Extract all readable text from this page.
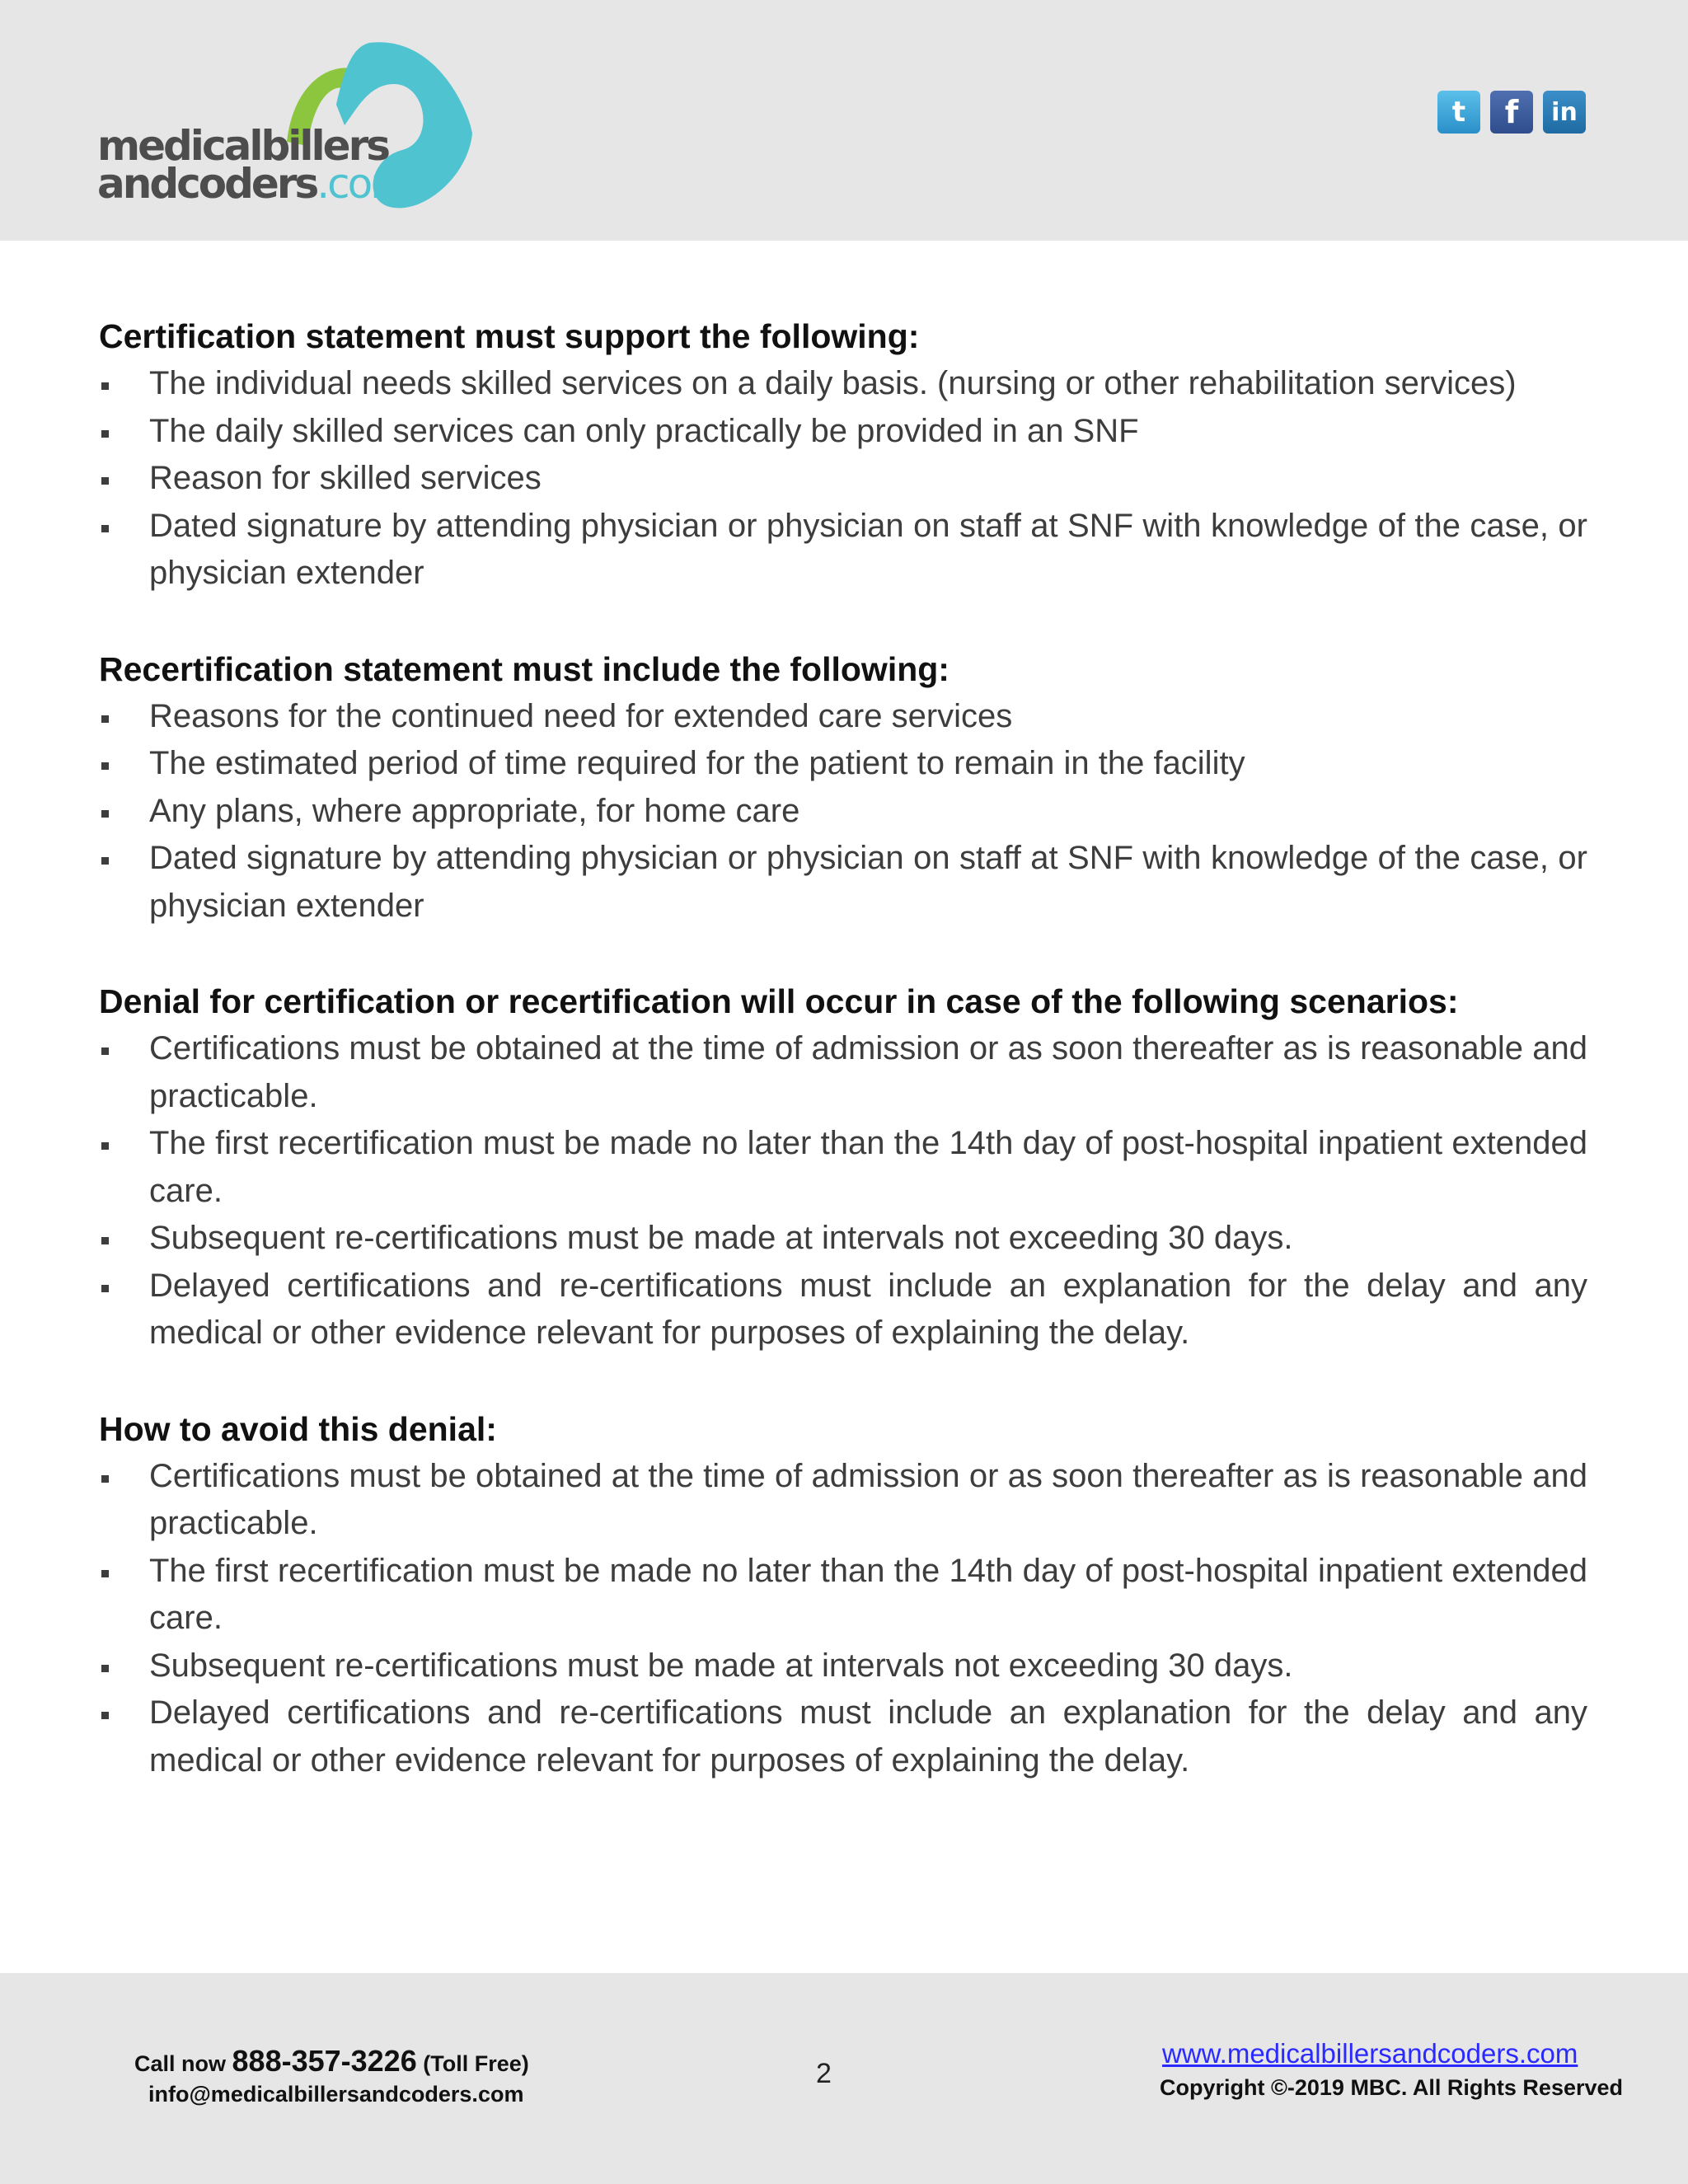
medicalbillers
andcoders.com
t	f	in
Certification statement must support the following:
The individual needs skilled services on a daily basis. (nursing or other rehabilitation services)
The daily skilled services can only practically be provided in an SNF
Reason for skilled services
Dated signature by attending physician or physician on staff at SNF with knowledge of the case, or physician extender
Recertification statement must include the following:
Reasons for the continued need for extended care services
The estimated period of time required for the patient to remain in the facility
Any plans, where appropriate, for home care
Dated signature by attending physician or physician on staff at SNF with knowledge of the case, or physician extender
Denial for certification or recertification will occur in case of the following scenarios:
Certifications must be obtained at the time of admission or as soon thereafter as is reasonable and practicable.
The first recertification must be made no later than the 14th day of post-hospital inpatient extended care.
Subsequent re-certifications must be made at intervals not exceeding 30 days.
Delayed certifications and re-certifications must include an explanation for the delay and any medical or other evidence relevant for purposes of explaining the delay.
How to avoid this denial:
Certifications must be obtained at the time of admission or as soon thereafter as is reasonable and practicable.
The first recertification must be made no later than the 14th day of post-hospital inpatient extended care.
Subsequent re-certifications must be made at intervals not exceeding 30 days.
Delayed certifications and re-certifications must include an explanation for the delay and any medical or other evidence relevant for purposes of explaining the delay.
Call now 888-357-3226 (Toll Free)
info@medicalbillersandcoders.com
2
www.medicalbillersandcoders.com
Copyright ©-2019 MBC. All Rights Reserved
